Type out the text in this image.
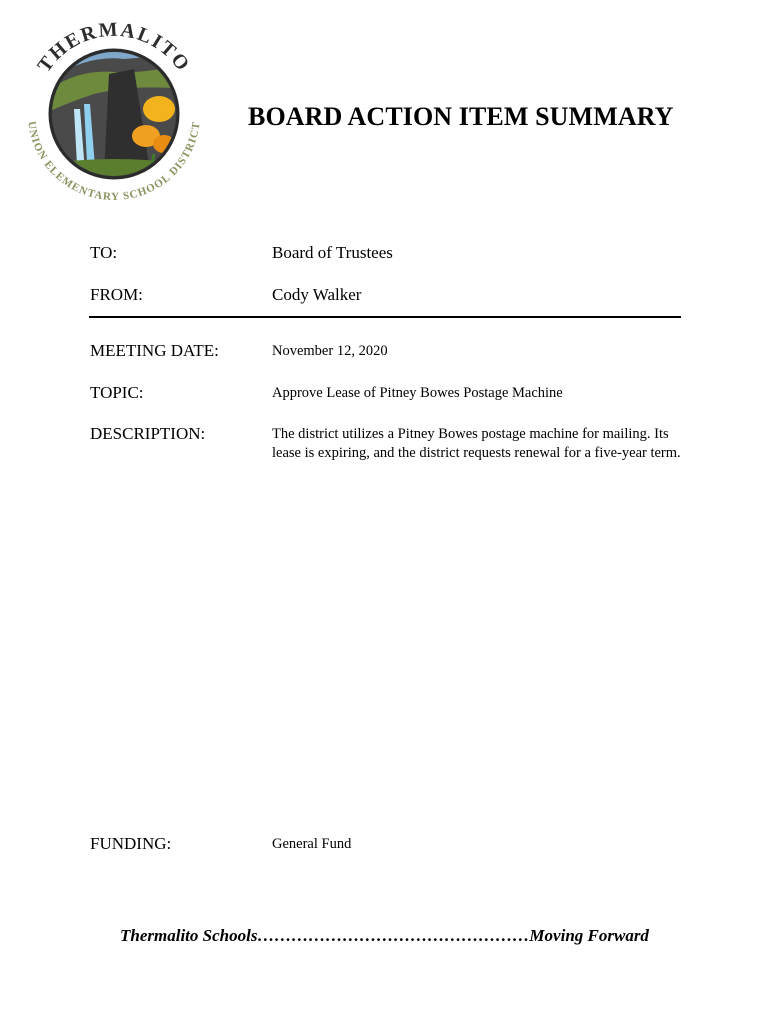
THERMALITO
UNION ELEMENTARY SCHOOL DISTRICT BOARD ACTION ITEM SUMMARY
TO:	Board of Trustees
FROM:	Cody Walker
MEETING DATE:	November 12, 2020
TOPIC:	Approve Lease of Pitney Bowes Postage Machine
DESCRIPTION:	The district utilizes a Pitney Bowes postage machine for mailing. Its lease is expiring, and the district requests renewal for a five-year term.
FUNDING:	General Fund
Thermalito Schools…………………………………………Moving Forward
